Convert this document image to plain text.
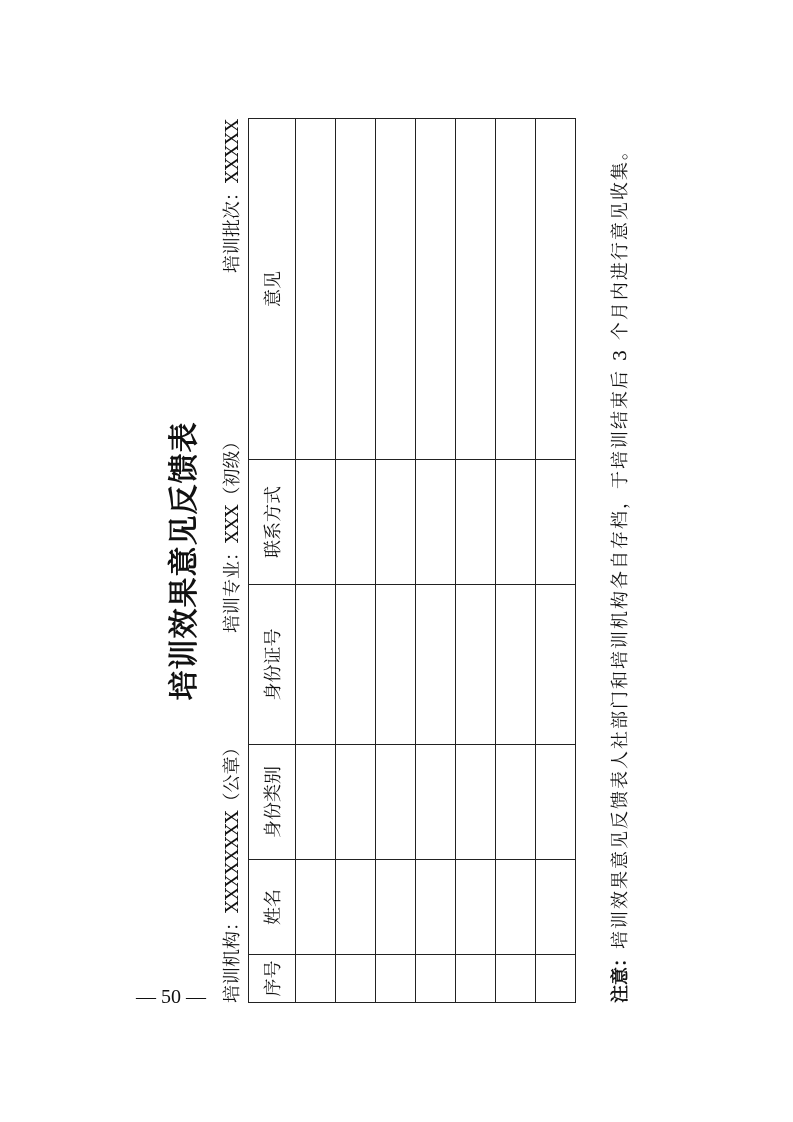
培训效果意见反馈表
培训机构：XXXXXXXX（公章）
培训专业：XXX（初级）
培训批次：XXXXX
序号	姓名	身份类别	身份证号	联系方式	意见

注意：培训效果意见反馈表人社部门和培训机构各自存档，于培训结束后 3 个月内进行意见收集。
— 50 —
